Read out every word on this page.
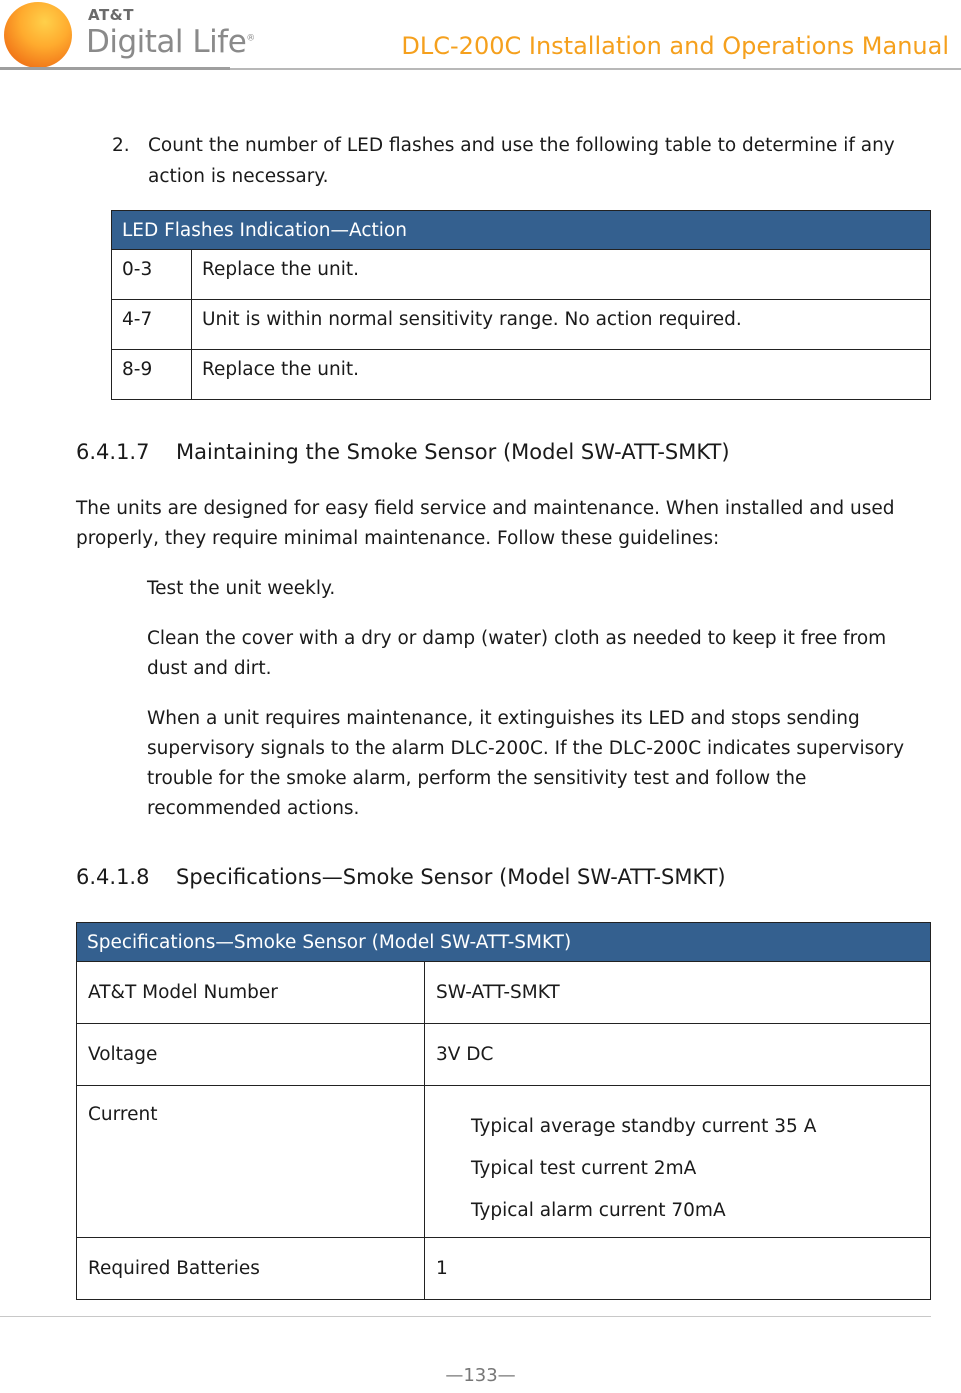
AT&T
Digital Life®	DLC-200C Installation and Operations Manual
2. Count the number of LED flashes and use the following table to determine if any action is necessary.
LED Flashes Indication—Action	
0-3	Replace the unit.
4-7	Unit is within normal sensitivity range. No action required.
8-9	Replace the unit.
6.4.1.7 Maintaining the Smoke Sensor (Model SW-ATT-SMKT)
The units are designed for easy field service and maintenance. When installed and used properly, they require minimal maintenance. Follow these guidelines:
Test the unit weekly.
Clean the cover with a dry or damp (water) cloth as needed to keep it free from dust and dirt.
When a unit requires maintenance, it extinguishes its LED and stops sending supervisory signals to the alarm DLC-200C. If the DLC-200C indicates supervisory trouble for the smoke alarm, perform the sensitivity test and follow the recommended actions.
6.4.1.8 Specifications—Smoke Sensor (Model SW-ATT-SMKT)
Specifications—Smoke Sensor (Model SW-ATT-SMKT)	
AT&T Model Number	SW-ATT-SMKT
Voltage	3V DC
Current	Typical average standby current 35 A
Typical test current 2mA
Typical alarm current 70mA

Required Batteries	1
—133—
